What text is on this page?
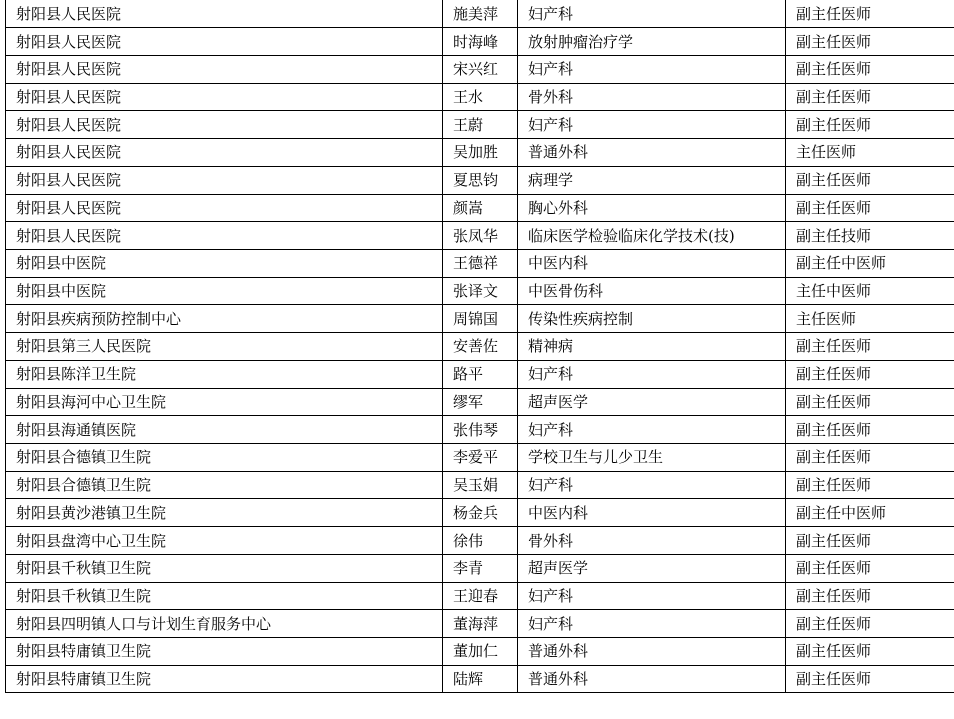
射阳县人民医院	施美萍	妇产科	副主任医师
射阳县人民医院	时海峰	放射肿瘤治疗学	副主任医师
射阳县人民医院	宋兴红	妇产科	副主任医师
射阳县人民医院	王水	骨外科	副主任医师
射阳县人民医院	王蔚	妇产科	副主任医师
射阳县人民医院	吴加胜	普通外科	主任医师
射阳县人民医院	夏思钧	病理学	副主任医师
射阳县人民医院	颜嵩	胸心外科	副主任医师
射阳县人民医院	张凤华	临床医学检验临床化学技术(技)	副主任技师
射阳县中医院	王德祥	中医内科	副主任中医师
射阳县中医院	张译文	中医骨伤科	主任中医师
射阳县疾病预防控制中心	周锦国	传染性疾病控制	主任医师
射阳县第三人民医院	安善佐	精神病	副主任医师
射阳县陈洋卫生院	路平	妇产科	副主任医师
射阳县海河中心卫生院	缪军	超声医学	副主任医师
射阳县海通镇医院	张伟琴	妇产科	副主任医师
射阳县合德镇卫生院	李爱平	学校卫生与儿少卫生	副主任医师
射阳县合德镇卫生院	吴玉娟	妇产科	副主任医师
射阳县黄沙港镇卫生院	杨金兵	中医内科	副主任中医师
射阳县盘湾中心卫生院	徐伟	骨外科	副主任医师
射阳县千秋镇卫生院	李青	超声医学	副主任医师
射阳县千秋镇卫生院	王迎春	妇产科	副主任医师
射阳县四明镇人口与计划生育服务中心	董海萍	妇产科	副主任医师
射阳县特庸镇卫生院	董加仁	普通外科	副主任医师
射阳县特庸镇卫生院	陆辉	普通外科	副主任医师
